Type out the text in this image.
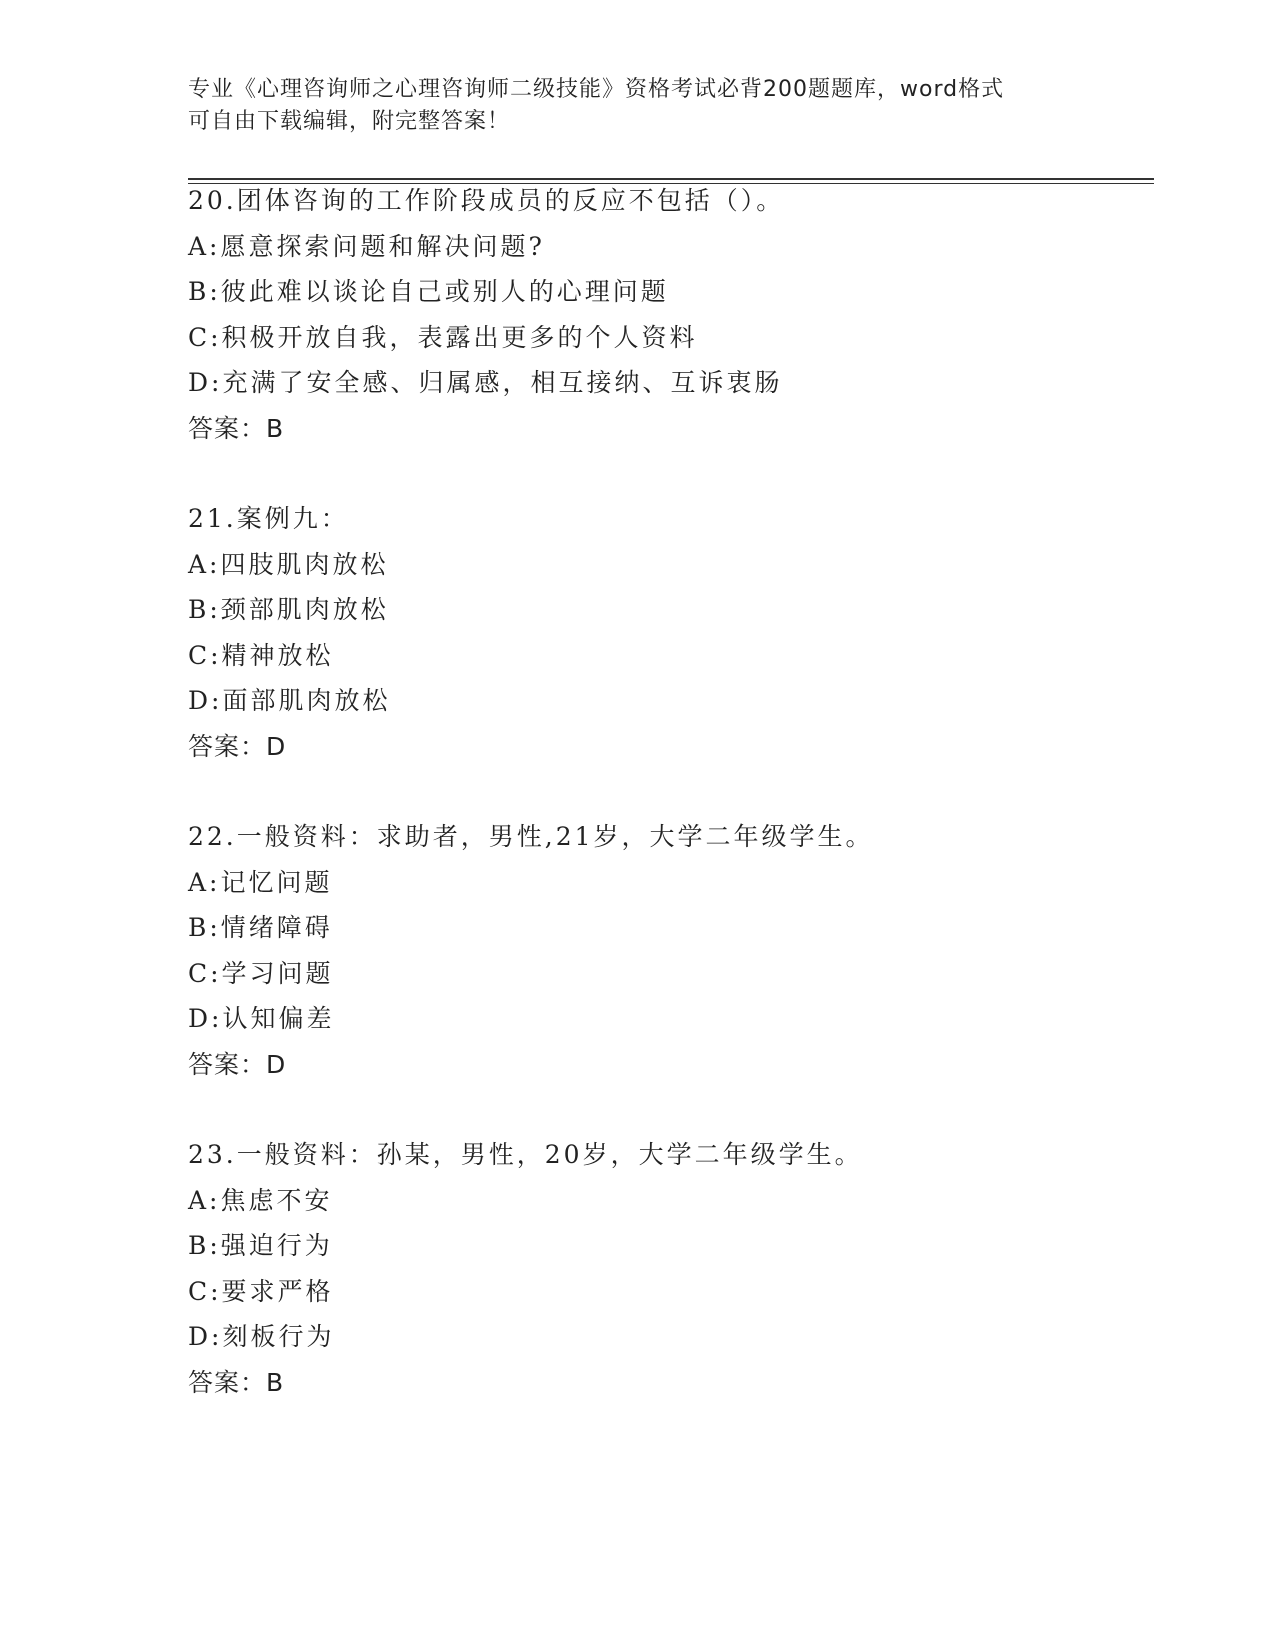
专业《心理咨询师之心理咨询师二级技能》资格考试必背200题题库，word格式
可自由下载编辑，附完整答案！
20.团体咨询的工作阶段成员的反应不包括（）。
A:愿意探索问题和解决问题?
B:彼此难以谈论自己或别人的心理问题
C:积极开放自我，表露出更多的个人资料
D:充满了安全感、归属感，相互接纳、互诉衷肠
答案：B
21.案例九：
A:四肢肌肉放松
B:颈部肌肉放松
C:精神放松
D:面部肌肉放松
答案：D
22.一般资料：求助者，男性,21岁，大学二年级学生。
A:记忆问题
B:情绪障碍
C:学习问题
D:认知偏差
答案：D
23.一般资料：孙某，男性，20岁，大学二年级学生。
A:焦虑不安
B:强迫行为
C:要求严格
D:刻板行为
答案：B
